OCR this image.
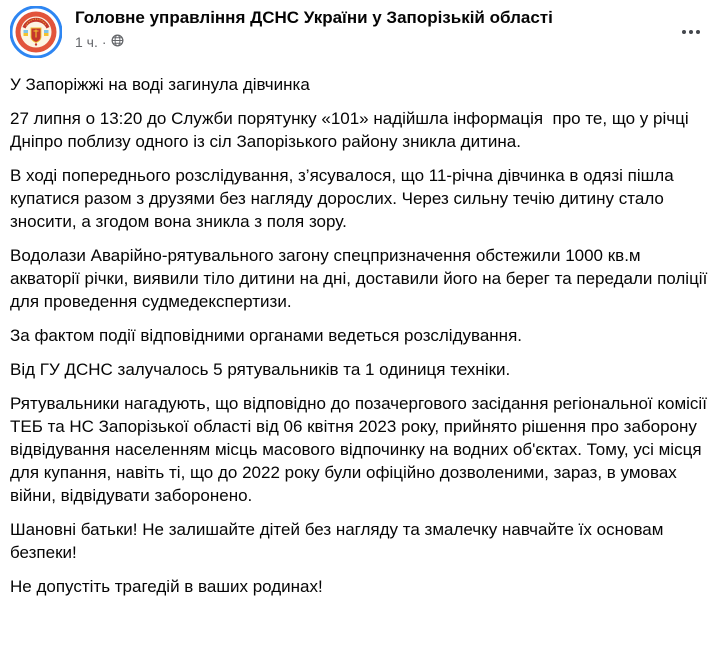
Головне управління ДСНС України у Запорізькій області
1 ч. ·

У Запоріжжі на воді загинула дівчинка

27 липня о 13:20 до Служби порятунку «101» надійшла інформація  про те, що у річці Дніпро поблизу одного із сіл Запорізького району зникла дитина.

В ході попереднього розслідування, з’ясувалося, що 11-річна дівчинка в одязі пішла купатися разом з друзями без нагляду дорослих. Через сильну течію дитину стало зносити, а згодом вона зникла з поля зору.

Водолази Аварійно-рятувального загону спецпризначення обстежили 1000 кв.м акваторії річки, виявили тіло дитини на дні, доставили його на берег та передали поліції для проведення судмедекспертизи.

За фактом події відповідними органами ведеться розслідування.

Від ГУ ДСНС залучалось 5 рятувальників та 1 одиниця техніки.

Рятувальники нагадують, що відповідно до позачергового засідання регіональної комісії  ТЕБ та НС Запорізької області від 06 квітня 2023 року, прийнято рішення про заборону відвідування населенням місць масового відпочинку на водних об'єктах. Тому, усі місця для купання, навіть ті, що до 2022 року були офіційно дозволеними, зараз, в умовах війни, відвідувати заборонено.

Шановні батьки! Не залишайте дітей без нагляду та змалечку навчайте їх основам безпеки!

Не допустіть трагедій в ваших родинах!
